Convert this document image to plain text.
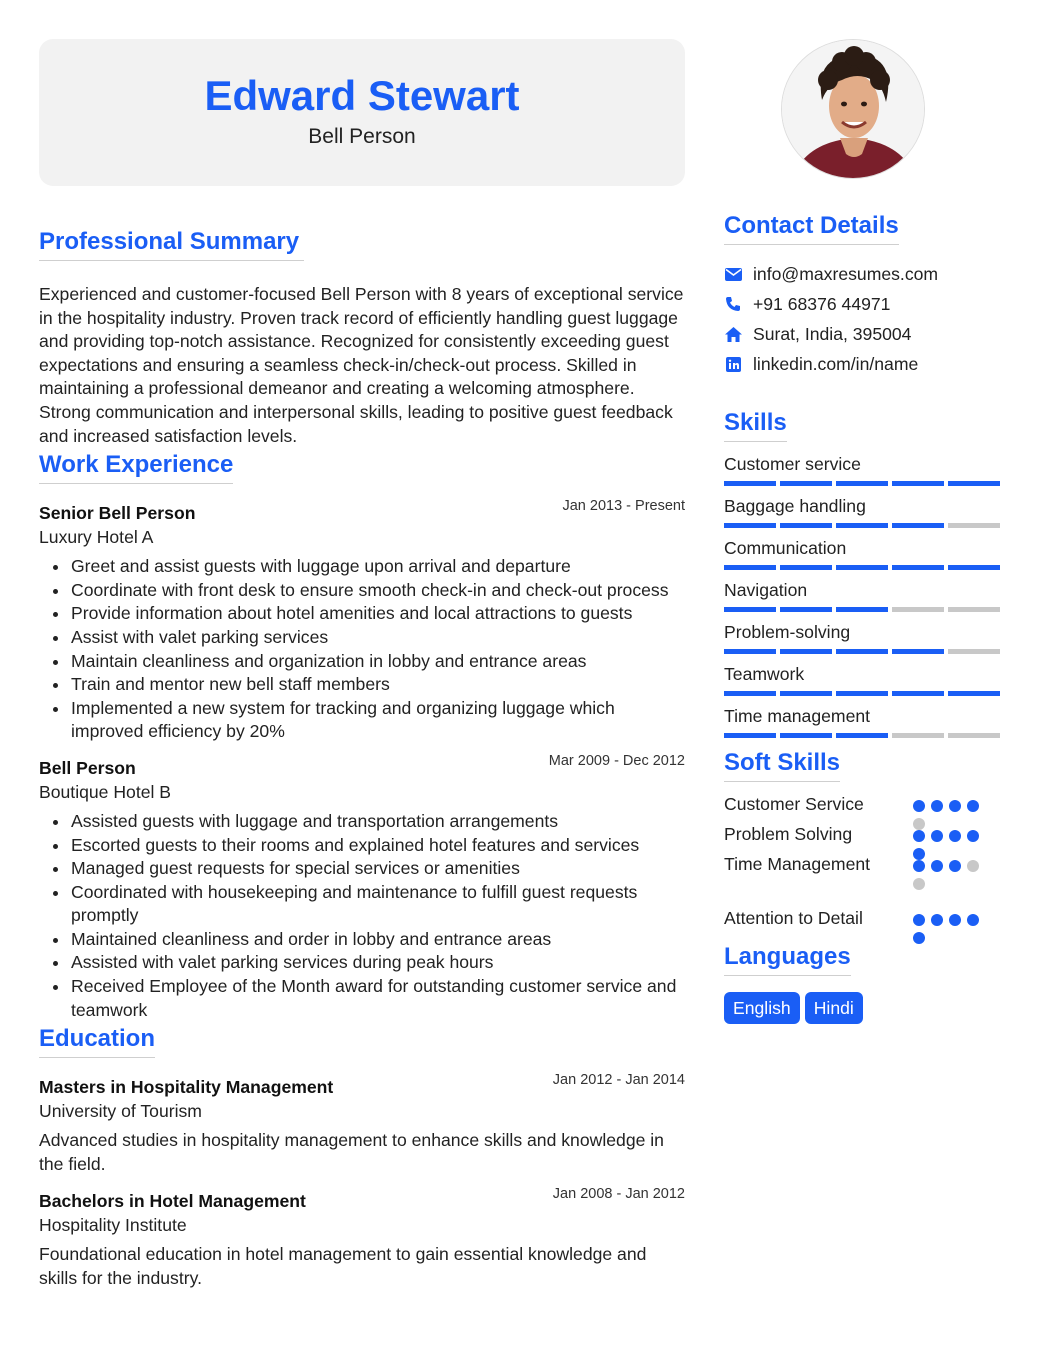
Edward Stewart
Bell Person
Professional Summary

Experienced and customer-focused Bell Person with 8 years of exceptional service in the hospitality industry. Proven track record of efficiently handling guest luggage and providing top-notch assistance. Recognized for consistently exceeding guest expectations and ensuring a seamless check-in/check-out process. Skilled in maintaining a professional demeanor and creating a welcoming atmosphere. Strong communication and interpersonal skills, leading to positive guest feedback and increased satisfaction levels.

Work Experience
Senior Bell Person	Jan 2013 - Present
Luxury Hotel A
Greet and assist guests with luggage upon arrival and departure
Coordinate with front desk to ensure smooth check-in and check-out process
Provide information about hotel amenities and local attractions to guests
Assist with valet parking services
Maintain cleanliness and organization in lobby and entrance areas
Train and mentor new bell staff members
Implemented a new system for tracking and organizing luggage which improved efficiency by 20%
Bell Person	Mar 2009 - Dec 2012
Boutique Hotel B
Assisted guests with luggage and transportation arrangements
Escorted guests to their rooms and explained hotel features and services
Managed guest requests for special services or amenities
Coordinated with housekeeping and maintenance to fulfill guest requests promptly
Maintained cleanliness and order in lobby and entrance areas
Assisted with valet parking services during peak hours
Received Employee of the Month award for outstanding customer service and teamwork
Education
Masters in Hospitality Management	Jan 2012 - Jan 2014
University of Tourism

Advanced studies in hospitality management to enhance skills and knowledge in the field.

Bachelors in Hotel Management	Jan 2008 - Jan 2012
Hospitality Institute

Foundational education in hotel management to gain essential knowledge and skills for the industry.

Contact Details
info@maxresumes.com
+91 68376 44971
Surat, India, 395004
linkedin.com/in/name
Skills
Customer service
Baggage handling
Communication
Navigation
Problem-solving
Teamwork
Time management
Soft Skills
Customer Service
Problem Solving
Time Management
Attention to Detail
Languages
English	Hindi
